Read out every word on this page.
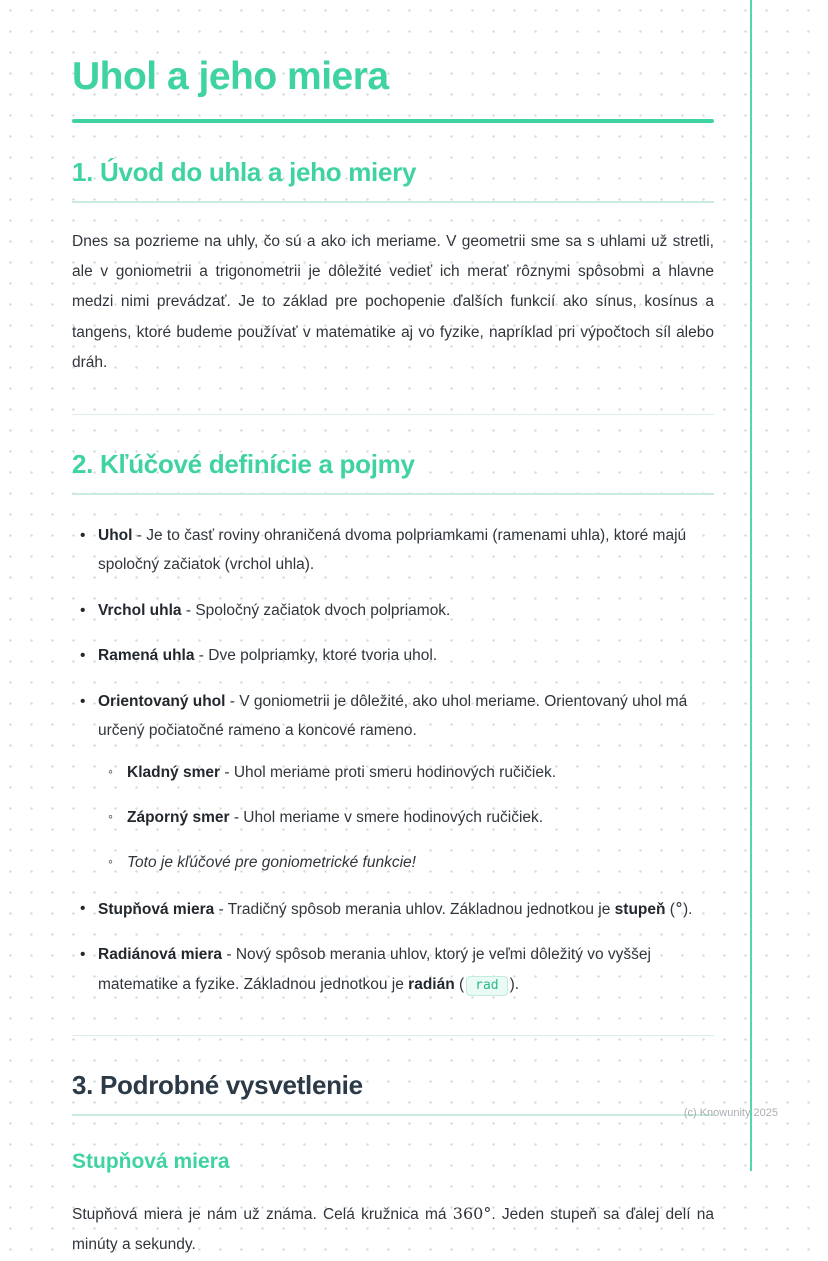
Uhol a jeho miera
1. Úvod do uhla a jeho miery

Dnes sa pozrieme na uhly, čo sú a ako ich meriame. V geometrii sme sa s uhlami už stretli, ale v goniometrii a trigonometrii je dôležité vedieť ich merať rôznymi spôsobmi a hlavne medzi nimi prevádzať. Je to základ pre pochopenie ďalších funkcií ako sínus, kosínus a tangens, ktoré budeme používať v matematike aj vo fyzike, napríklad pri výpočtoch síl alebo dráh.

2. Kľúčové definície a pojmy
• Uhol - Je to časť roviny ohraničená dvoma polpriamkami (ramenami uhla), ktoré majú spoločný začiatok (vrchol uhla).
• Vrchol uhla - Spoločný začiatok dvoch polpriamok.
• Ramená uhla - Dve polpriamky, ktoré tvoria uhol.
• Orientovaný uhol - V goniometrii je dôležité, ako uhol meriame. Orientovaný uhol má určený počiatočné rameno a koncové rameno.
◦ Kladný smer - Uhol meriame proti smeru hodinových ručičiek.
◦ Záporný smer - Uhol meriame v smere hodinových ručičiek.
◦ Toto je kľúčové pre goniometrické funkcie!
• Stupňová miera - Tradičný spôsob merania uhlov. Základnou jednotkou je stupeň (°).
• Radiánová miera - Nový spôsob merania uhlov, ktorý je veľmi dôležitý vo vyššej matematike a fyzike. Základnou jednotkou je radián ( rad ).
3. Podrobné vysvetlenie
Stupňová miera

Stupňová miera je nám už známa. Celá kružnica má 360°. Jeden stupeň sa ďalej delí na minúty a sekundy.

(c) Knowunity 2025
